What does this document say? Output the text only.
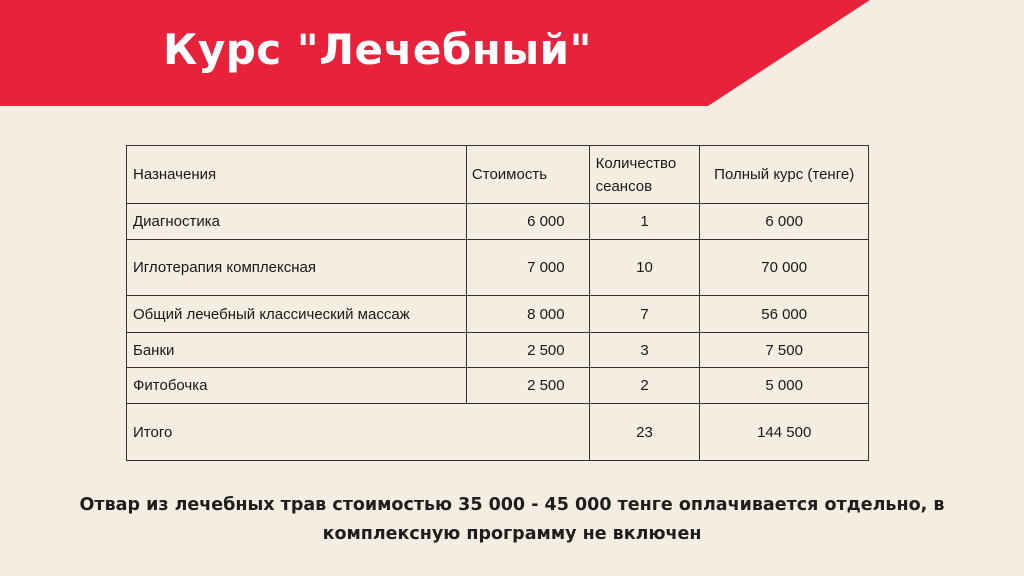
Курс "Лечебный"
Назначения	Стоимость	Количество сеансов	Полный курс (тенге)
Диагностика	6 000	1	6 000
Иглотерапия комплексная	7 000	10	70 000
Общий лечебный классический массаж	8 000	7	56 000
Банки	2 500	3	7 500
Фитобочка	2 500	2	5 000
Итого		23	144 500

Отвар из лечебных трав стоимостью 35 000 - 45 000 тенге оплачивается отдельно, в комплексную программу не включен
